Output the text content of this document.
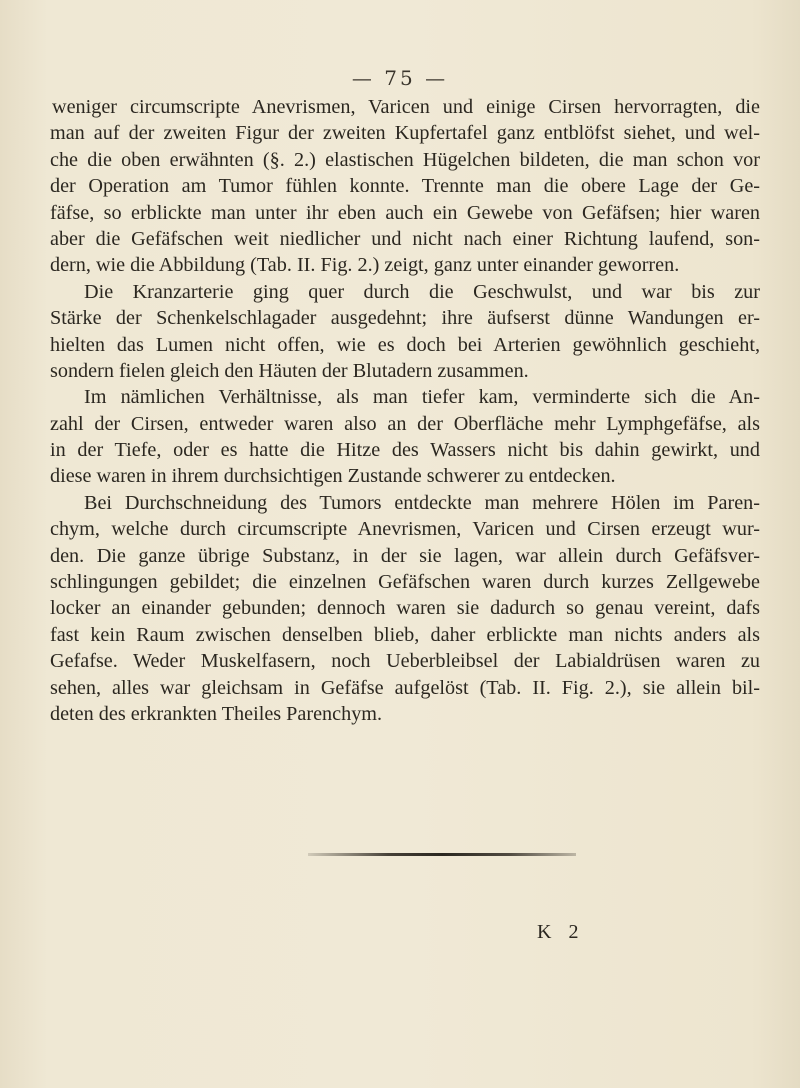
— 75 —
weniger circumscripte Anevrismen, Varicen und einige Cirsen hervorragten, die
man auf der zweiten Figur der zweiten Kupfertafel ganz entblöfst siehet, und wel-
che die oben erwähnten (§. 2.) elastischen Hügelchen bildeten, die man schon vor
der Operation am Tumor fühlen konnte. Trennte man die obere Lage der Ge-
fäfse, so erblickte man unter ihr eben auch ein Gewebe von Gefäfsen; hier waren
aber die Gefäfschen weit niedlicher und nicht nach einer Richtung laufend, son-
dern, wie die Abbildung (Tab. II. Fig. 2.) zeigt, ganz unter einander geworren.
Die Kranzarterie ging quer durch die Geschwulst, und war bis zur
Stärke der Schenkelschlagader ausgedehnt; ihre äufserst dünne Wandungen er-
hielten das Lumen nicht offen, wie es doch bei Arterien gewöhnlich geschieht,
sondern fielen gleich den Häuten der Blutadern zusammen.
Im nämlichen Verhältnisse, als man tiefer kam, verminderte sich die An-
zahl der Cirsen, entweder waren also an der Oberfläche mehr Lymphgefäfse, als
in der Tiefe, oder es hatte die Hitze des Wassers nicht bis dahin gewirkt, und
diese waren in ihrem durchsichtigen Zustande schwerer zu entdecken.
Bei Durchschneidung des Tumors entdeckte man mehrere Hölen im Paren-
chym, welche durch circumscripte Anevrismen, Varicen und Cirsen erzeugt wur-
den. Die ganze übrige Substanz, in der sie lagen, war allein durch Gefäfsver-
schlingungen gebildet; die einzelnen Gefäfschen waren durch kurzes Zellgewebe
locker an einander gebunden; dennoch waren sie dadurch so genau vereint, dafs
fast kein Raum zwischen denselben blieb, daher erblickte man nichts anders als
Gefafse. Weder Muskelfasern, noch Ueberbleibsel der Labialdrüsen waren zu
sehen, alles war gleichsam in Gefäfse aufgelöst (Tab. II. Fig. 2.), sie allein bil-
deten des erkrankten Theiles Parenchym.
K 2
